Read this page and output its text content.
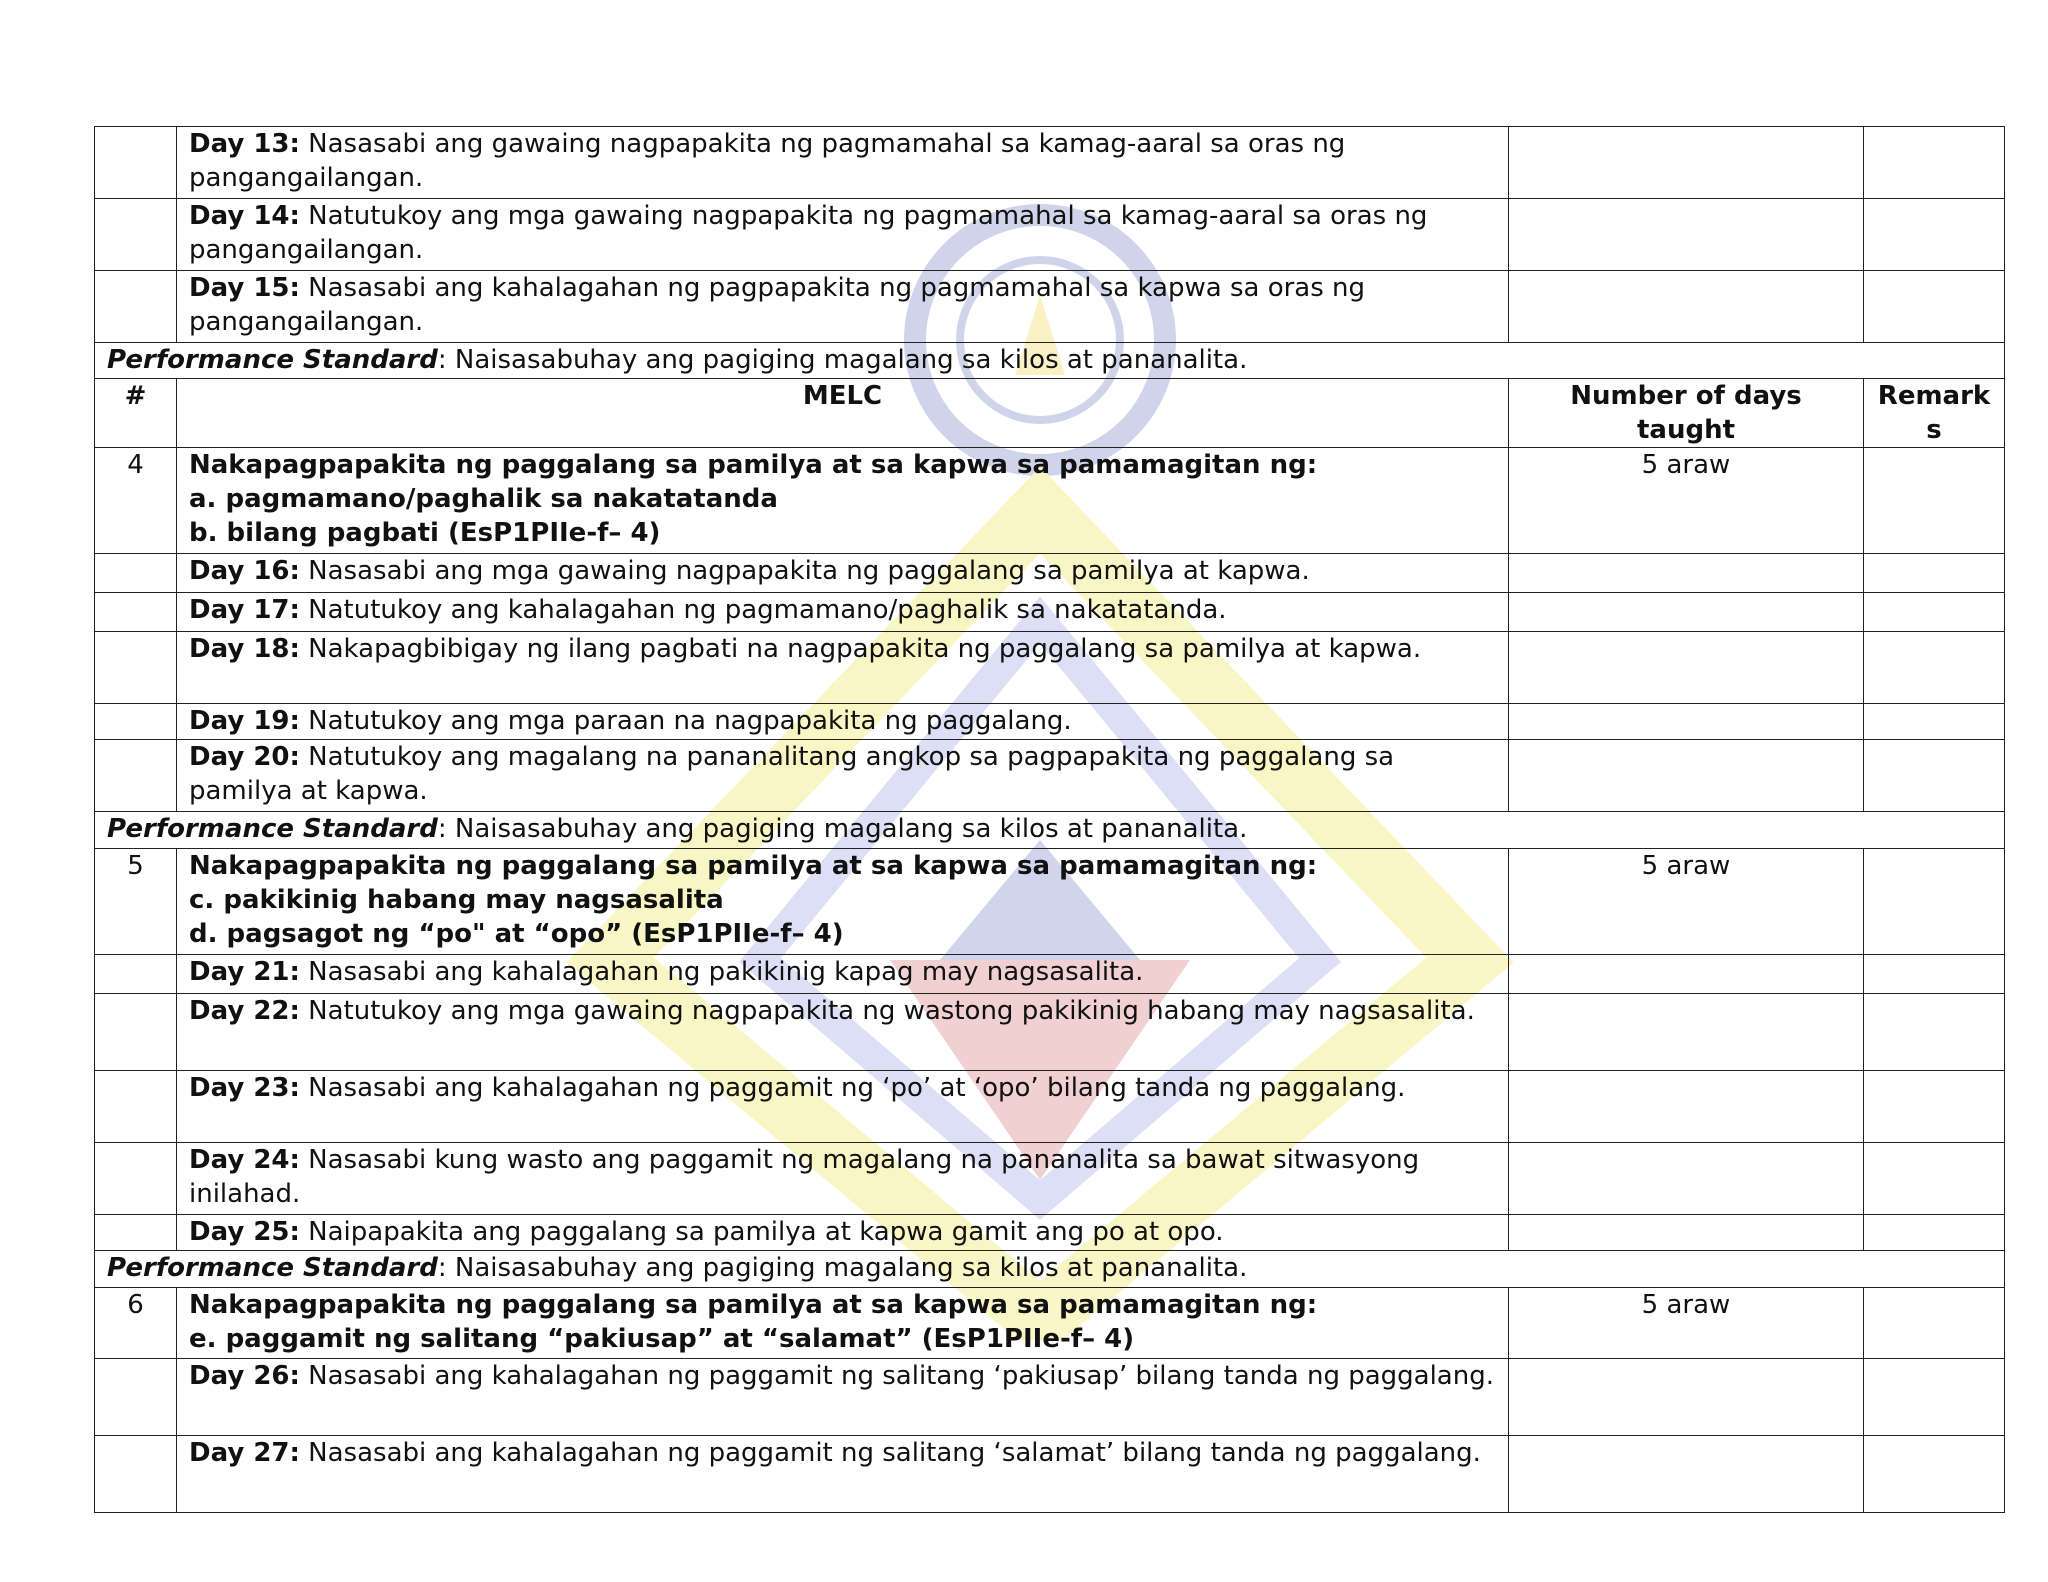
	Day 13: Nasasabi ang gawaing nagpapakita ng pagmamahal sa kamag-aaral sa oras ng pangangailangan.		
	Day 14: Natutukoy ang mga gawaing nagpapakita ng pagmamahal sa kamag-aaral sa oras ng pangangailangan.		
	Day 15: Nasasabi ang kahalagahan ng pagpapakita ng pagmamahal sa kapwa sa oras ng pangangailangan.		
Performance Standard: Naisasabuhay ang pagiging magalang sa kilos at pananalita.			
#	MELC	Number of days taught	Remarks
4	Nakapagpapakita ng paggalang sa pamilya at sa kapwa sa pamamagitan ng:
a. pagmamano/paghalik sa nakatatanda
b. bilang pagbati (EsP1PIIe-f– 4)	5 araw	
	Day 16: Nasasabi ang mga gawaing nagpapakita ng paggalang sa pamilya at kapwa.		
	Day 17: Natutukoy ang kahalagahan ng pagmamano/paghalik sa nakatatanda.		
	Day 18: Nakapagbibigay ng ilang pagbati na nagpapakita ng paggalang sa pamilya at kapwa.		
	Day 19: Natutukoy ang mga paraan na nagpapakita ng paggalang.		
	Day 20: Natutukoy ang magalang na pananalitang angkop sa pagpapakita ng paggalang sa pamilya at kapwa.		
Performance Standard: Naisasabuhay ang pagiging magalang sa kilos at pananalita.			
5	Nakapagpapakita ng paggalang sa pamilya at sa kapwa sa pamamagitan ng:
c. pakikinig habang may nagsasalita
d. pagsagot ng “po" at “opo” (EsP1PIIe-f– 4)	5 araw	
	Day 21: Nasasabi ang kahalagahan ng pakikinig kapag may nagsasalita.		
	Day 22: Natutukoy ang mga gawaing nagpapakita ng wastong pakikinig habang may nagsasalita.		
	Day 23: Nasasabi ang kahalagahan ng paggamit ng ‘po’ at ‘opo’ bilang tanda ng paggalang.		
	Day 24: Nasasabi kung wasto ang paggamit ng magalang na pananalita sa bawat sitwasyong inilahad.		
	Day 25: Naipapakita ang paggalang sa pamilya at kapwa gamit ang po at opo.		
Performance Standard: Naisasabuhay ang pagiging magalang sa kilos at pananalita.			
6	Nakapagpapakita ng paggalang sa pamilya at sa kapwa sa pamamagitan ng:
e. paggamit ng salitang “pakiusap” at “salamat” (EsP1PIIe-f– 4)	5 araw	
	Day 26: Nasasabi ang kahalagahan ng paggamit ng salitang ‘pakiusap’ bilang tanda ng paggalang.		
	Day 27: Nasasabi ang kahalagahan ng paggamit ng salitang ‘salamat’ bilang tanda ng paggalang.		
